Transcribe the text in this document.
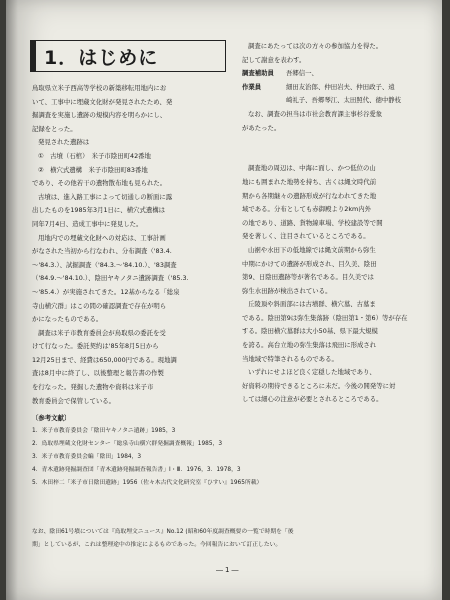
1．はじめに

鳥取県立米子西高等学校の新築移転用地内にお

いて、工事中に埋蔵文化財が発見されたため、発

掘調査を実施し遺跡の規模内容を明らかにし、

記録をとった。

発見された遺跡は

①　古墳（石棺）　米子市陰田町42番地

②　横穴式遺構　米子市陰田町83番地

であり、その他若干の遺物散布地も見られた。

古墳は、進入路工事によって切通しの断面に露

出したものを1985年3月1日に、横穴式遺構は

同年7月4日、造成工事中に発見した。

用地内での埋蔵文化財への対応は、工事計画

がなされた当初から行なわれ、分布調査（'83.4.

〜'84.3.）、試掘調査（'84.3.〜'84.10.）、'83調査

（'84.9.〜'84.10.）、陰田ヤキノタニ遺跡調査（'85.3.

〜'85.4.）が実施されてきた。12基からなる「総泉

寺山横穴群」はこの間の確認調査で存在が明ら

かになったものである。

調査は米子市教育委員会が鳥取県の委託を受

けて行なった。委託契約は'85年8月5日から

12月25日まで、経費は650,000円である。現地調

査は8月中に終了し、以後整理と報告書の作製

を行なった。発掘した遺物や資料は米子市

教育委員会で保管している。

〔参考文献〕

1．米子市教育委員会「陰田ヤキノタニ遺跡」1985，3

2．鳥取県埋蔵文化財センター「総泉寺山横穴群発掘調査概報」1985，3

3．米子市教育委員会編「陰田」1984，3

4．青木遺跡発掘調査団「青木遺跡発掘調査報告書」Ⅰ・Ⅲ．1976，3．1978，3

5．木田梓二「米子市日陰田遺跡」1956（佐々木古代文化研究室『ひすい』1965所載）

なお、陰田61号墳については『鳥取埋文ニュース』No.12 (昭和60年度調査概要の一覧で時期を「後

期」としているが、これは整理途中の推定によるものであった。今回報告において訂正したい。

調査にあたっては次の方々の参加協力を得た。

記して謝意を表わす。

調査補助員 吾郷信一、

作業員	細田友治郎、仲田岩夫、仲田政子、遠

崎礼子、吾郷琴江、太田照代、徳中静枝

なお、調査の担当は市社会教育課主事杉谷愛象

があたった。

調査地の周辺は、中海に面し、かつ低位の山

地にも囲まれた地勢を持ち、古くは縄文時代前

期から各期継々の遺跡形成が行なわれてきた地

域である。分布としても赤御殿より2km内外

の地であり、道路、貨物線車場、学校建設等で開

発を著しく、注目されているところである。

山裾や水田下の低地線では縄文前期から弥生

中期にかけての遺跡が形成され、目久美、陰田

第9、日陰田遺跡等が著名である。目久美では

弥生水田跡が検出されている。

丘陵頂や斜面部には古墳群、横穴墓、古墓ま

である。陰田第9は弥生集落跡（陰田第1・第6）等が存在

する。陰田横穴墓群は大小50基、県下最大規模

を誇る。高台立地の弥生集落は飛田に形成され

当地域で特筆されるものである。

いずれにせよほど良く定穏した地域であり、

好資料の期待できるところに未だ。今後の開発等に対

しては細心の注意が必要とされるところである。

―1―
